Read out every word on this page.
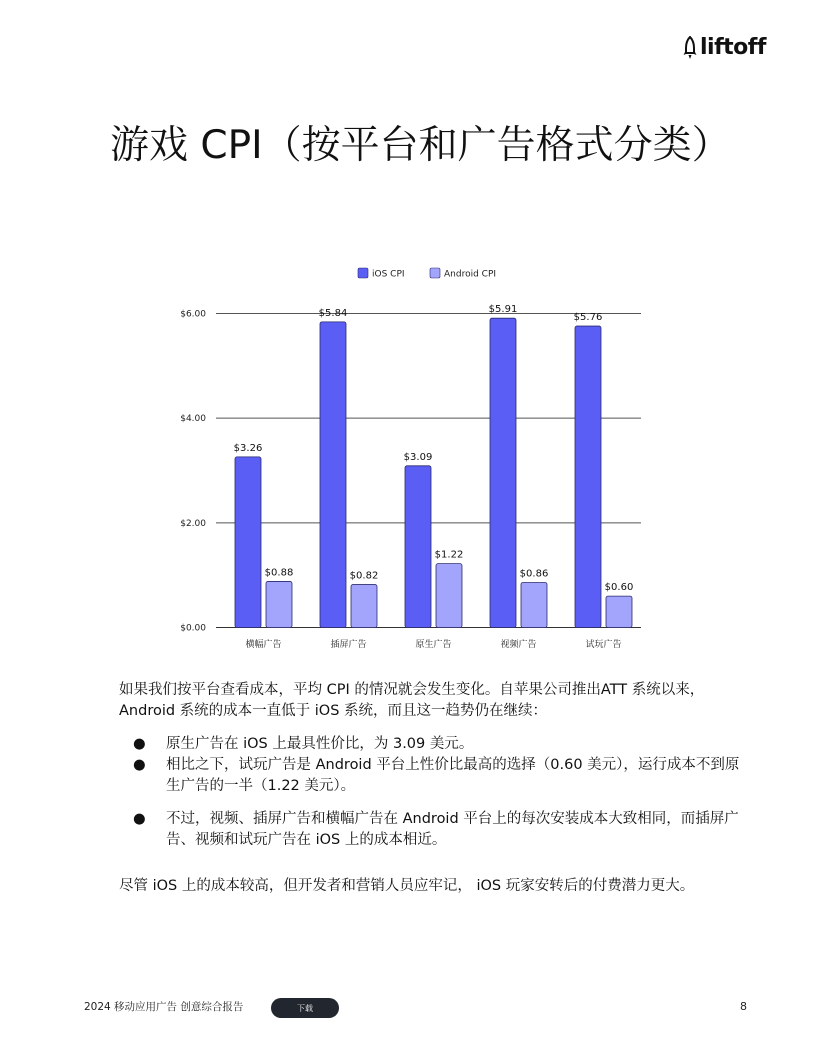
liftoff
游戏 CPI（按平台和广告格式分类）
$0.00
$2.00
$4.00
$6.00
iOS CPI	Android CPI
$3.26
$0.88
横幅广告
$5.84
$0.82
插屏广告
$3.09
$1.22
原生广告
$5.91
$0.86
视频广告
$5.76
$0.60
试玩广告

如果我们按平台查看成本，平均 CPI 的情况就会发生变化。自苹果公司推出ATT 系统以来，Android 系统的成本一直低于 iOS 系统，而且这一趋势仍在继续：

● 原生广告在 iOS 上最具性价比，为 3.09 美元。
● 相比之下，试玩广告是 Android 平台上性价比最高的选择（0.60 美元），运行成本不到原生广告的一半（1.22 美元）。
● 不过，视频、插屏广告和横幅广告在 Android 平台上的每次安装成本大致相同，而插屏广告、视频和试玩广告在 iOS 上的成本相近。

尽管 iOS 上的成本较高，但开发者和营销人员应牢记， iOS 玩家安转后的付费潜力更大。

2024 移动应用广告 创意综合报告	下载	8
